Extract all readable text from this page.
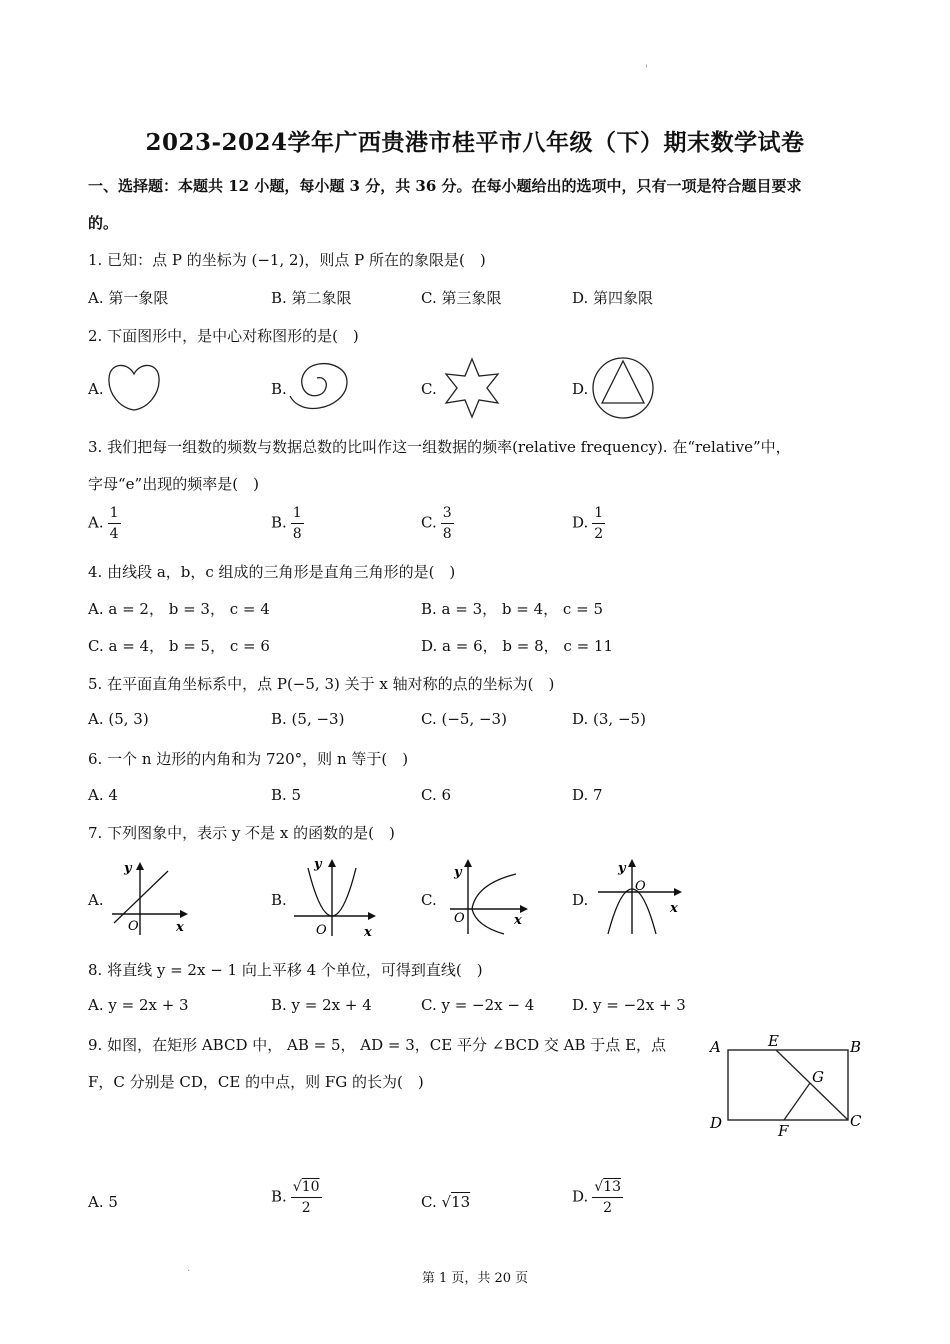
'
2023-2024学年广西贵港市桂平市八年级（下）期末数学试卷
一、选择题：本题共 12 小题，每小题 3 分，共 36 分。在每小题给出的选项中，只有一项是符合题目要求
的。
1. 已知：点 P 的坐标为 (−1, 2)，则点 P 所在的象限是(　)
A. 第一象限	B. 第二象限	C. 第三象限	D. 第四象限
2. 下面图形中，是中心对称图形的是(　)
A.	B.	C.	D.
3. 我们把每一组数的频数与数据总数的比叫作这一组数据的频率(relative frequency). 在“relative”中，
字母“e”出现的频率是(　)
A. $\frac{1}{4}$	B. $\frac{1}{8}$	C. $\frac{3}{8}$	D. $\frac{1}{2}$
4. 由线段 a，b，c 组成的三角形是直角三角形的是(　)
A. a = 2， b = 3， c = 4	B. a = 3， b = 4， c = 5
C. a = 4， b = 5， c = 6	D. a = 6， b = 8， c = 11
5. 在平面直角坐标系中，点 P(−5, 3) 关于 x 轴对称的点的坐标为(　)
A. (5, 3)	B. (5, −3)	C. (−5, −3)	D. (3, −5)
6. 一个 n 边形的内角和为 720°，则 n 等于(　)
A. 4	B. 5	C. 6	D. 7
7. 下列图象中，表示 y 不是 x 的函数的是(　)
A.
y
O	x
B.
y
O	x
C.
y
O	x
D.
y
O
x
8. 将直线 y = 2x − 1 向上平移 4 个单位，可得到直线(　)
A. y = 2x + 3	B. y = 2x + 4	C. y = −2x − 4	D. y = −2x + 3
9. 如图，在矩形 ABCD 中， AB = 5， AD = 3，CE 平分 ∠BCD 交 AB 于点 E，点
F，C 分别是 CD，CE 的中点，则 FG 的长为(　)
A	B
C
D
E
F
G
A. 5	B. $\frac{√10}{2}$	C. √13	D. $\frac{√13}{2}$
.
第 1 页，共 20 页
